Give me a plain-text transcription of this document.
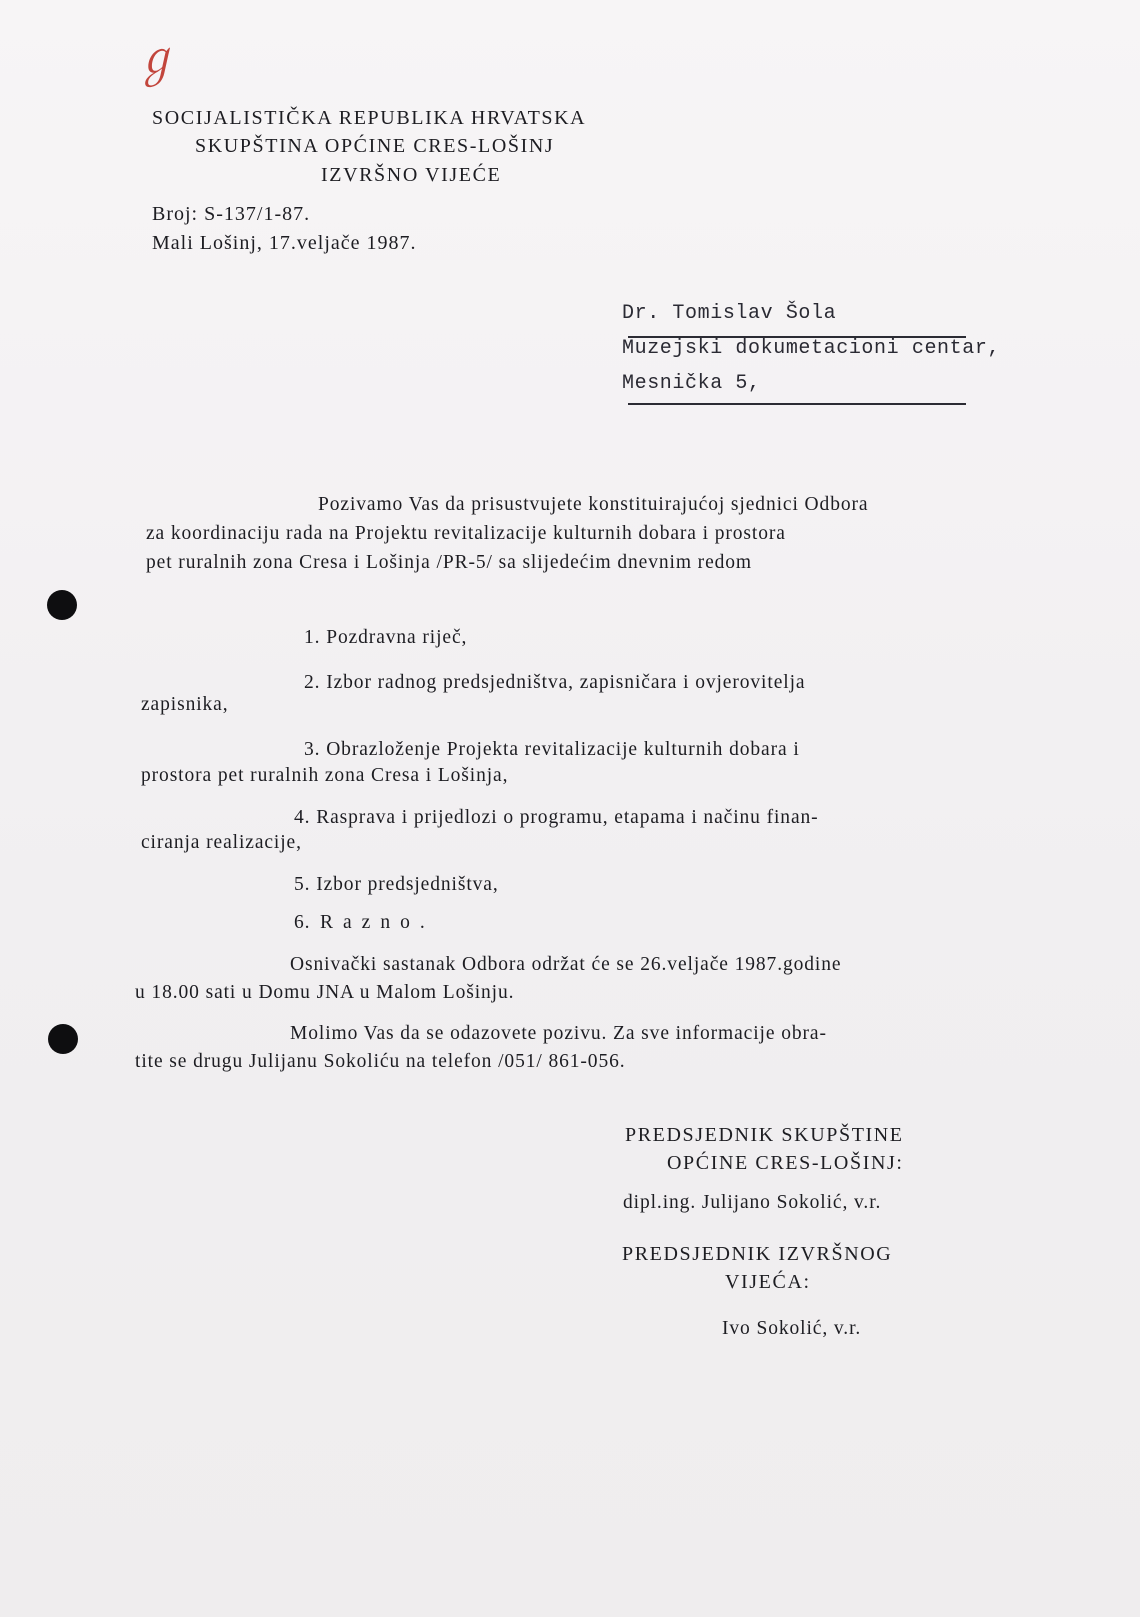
ℊ
SOCIJALISTIČKA REPUBLIKA HRVATSKA
SKUPŠTINA OPĆINE CRES-LOŠINJ
IZVRŠNO VIJEĆE
Broj: S-137/1-87.
Mali Lošinj, 17.veljače 1987.
Dr. Tomislav Šola
Muzejski dokumetacioni centar,
Mesnička 5,
Pozivamo Vas da prisustvujete konstituirajućoj sjednici Odbora
za koordinaciju rada na Projektu revitalizacije kulturnih dobara i prostora
pet ruralnih zona Cresa i Lošinja /PR-5/ sa slijedećim dnevnim redom
1. Pozdravna riječ,
2. Izbor radnog predsjedništva, zapisničara i ovjerovitelja
zapisnika,
3. Obrazloženje Projekta revitalizacije kulturnih dobara i
prostora pet ruralnih zona Cresa i Lošinja,
4. Rasprava i prijedlozi o programu, etapama i načinu finan-
ciranja realizacije,
5. Izbor predsjedništva,
6. Razno.
Osnivački sastanak Odbora održat će se 26.veljače 1987.godine
u 18.00 sati u Domu JNA u Malom Lošinju.
Molimo Vas da se odazovete pozivu. Za sve informacije obra-
tite se drugu Julijanu Sokoliću na telefon /051/ 861-056.
PREDSJEDNIK SKUPŠTINE
OPĆINE CRES-LOŠINJ:
dipl.ing. Julijano Sokolić, v.r.
PREDSJEDNIK IZVRŠNOG
VIJEĆA:
Ivo Sokolić, v.r.
